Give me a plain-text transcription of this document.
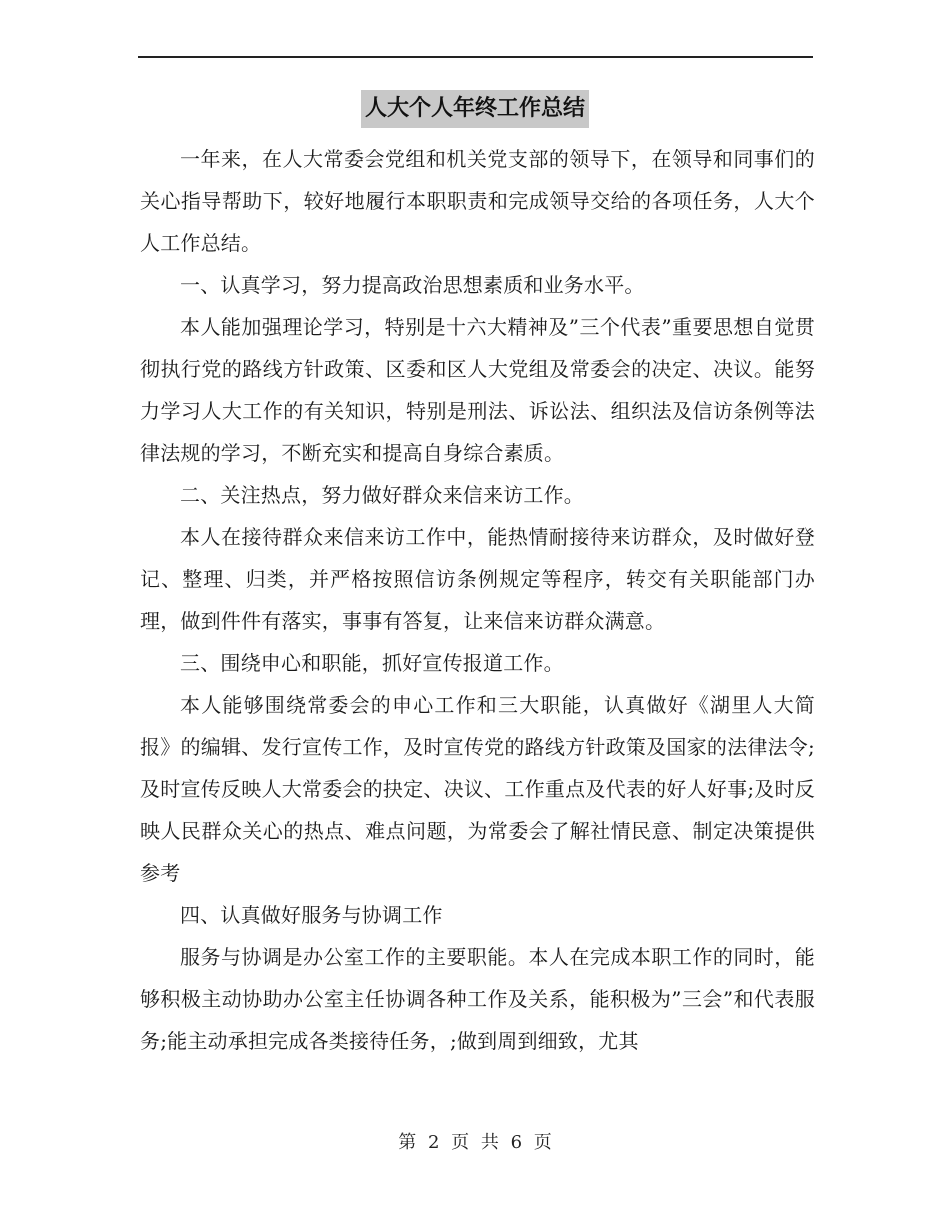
人大个人年终工作总结

一年来，在人大常委会党组和机关党支部的领导下，在领导和同事们的关心指导帮助下，较好地履行本职职责和完成领导交给的各项任务，人大个人工作总结。

一、认真学习，努力提高政治思想素质和业务水平。

本人能加强理论学习，特别是十六大精神及”三个代表”重要思想自觉贯彻执行党的路线方针政策、区委和区人大党组及常委会的决定、决议。能努力学习人大工作的有关知识，特别是刑法、诉讼法、组织法及信访条例等法律法规的学习，不断充实和提高自身综合素质。

二、关注热点，努力做好群众来信来访工作。

本人在接待群众来信来访工作中，能热情耐接待来访群众，及时做好登记、整理、归类，并严格按照信访条例规定等程序，转交有关职能部门办理，做到件件有落实，事事有答复，让来信来访群众满意。

三、围绕申心和职能，抓好宣传报道工作。

本人能够围绕常委会的申心工作和三大职能，认真做好《湖里人大简报》的编辑、发行宣传工作，及时宣传党的路线方针政策及国家的法律法令;及时宣传反映人大常委会的抉定、决议、工作重点及代表的好人好事;及时反映人民群众关心的热点、难点问题，为常委会了解社情民意、制定决策提供参考

四、认真做好服务与协调工作

服务与协调是办公室工作的主要职能。本人在完成本职工作的同时，能够积极主动协助办公室主任协调各种工作及关系，能积极为”三会”和代表服务;能主动承担完成各类接待任务，;做到周到细致，尤其

第 2 页 共 6 页
